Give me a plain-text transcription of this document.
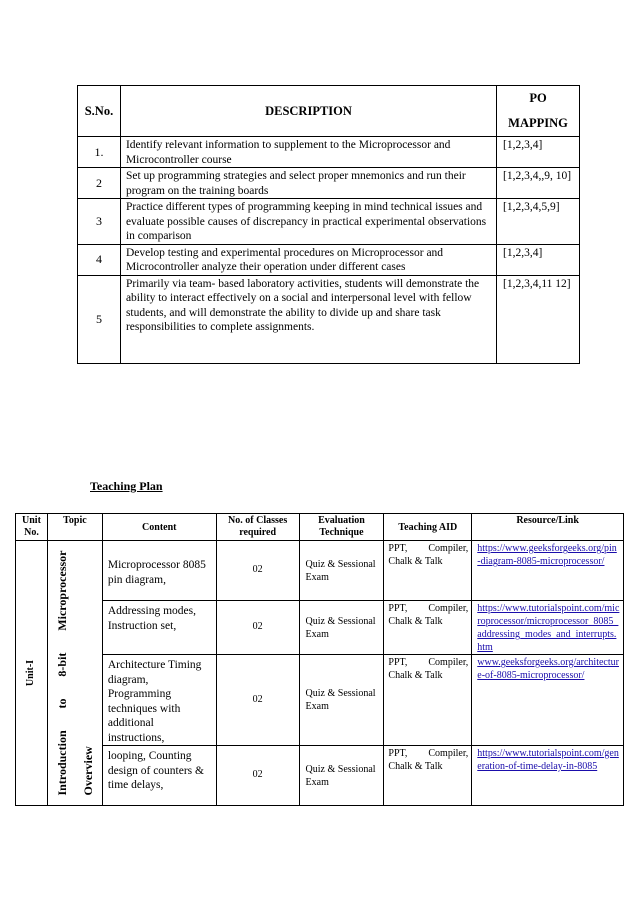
S.No.	DESCRIPTION	PO
MAPPING

1.	Identify relevant information to supplement to the Microprocessor and Microcontroller course	[1,2,3,4]
2	Set up programming strategies and select proper mnemonics and run their program on the training boards	[1,2,3,4,,9, 10]
3	Practice different types of programming keeping in mind technical issues and evaluate possible causes of discrepancy in practical experimental observations in comparison	[1,2,3,4,5,9]
4	Develop testing and experimental procedures on Microprocessor and Microcontroller analyze their operation under different cases	[1,2,3,4]
5	Primarily via team- based laboratory activities, students will demonstrate the ability to interact effectively on a social and interpersonal level with fellow students, and will demonstrate the ability to divide up and share task responsibilities to complete assignments.	[1,2,3,4,11 12]
Teaching Plan
Unit No.	Topic	Content	No. of Classes required	Evaluation Technique	Teaching AID	Resource/Link

Unit-I	Introduction to 8-bit Microprocessor Overview	Microprocessor 8085 pin diagram,	02	Quiz & Sessional Exam	PPT, Compiler, Chalk & Talk	https://www.geeksforgeeks.org/pin-diagram-8085-microprocessor/
		Addressing modes, Instruction set,	02	Quiz & Sessional Exam	PPT, Compiler, Chalk & Talk	https://www.tutorialspoint.com/microprocessor/microprocessor_8085_addressing_modes_and_interrupts.htm
		Architecture Timing diagram, Programming techniques with additional instructions,	02	Quiz & Sessional Exam	PPT, Compiler, Chalk & Talk	www.geeksforgeeks.org/architecture-of-8085-microprocessor/
		looping, Counting design of counters & time delays,	02	Quiz & Sessional Exam	PPT, Compiler, Chalk & Talk	https://www.tutorialspoint.com/generation-of-time-delay-in-8085
